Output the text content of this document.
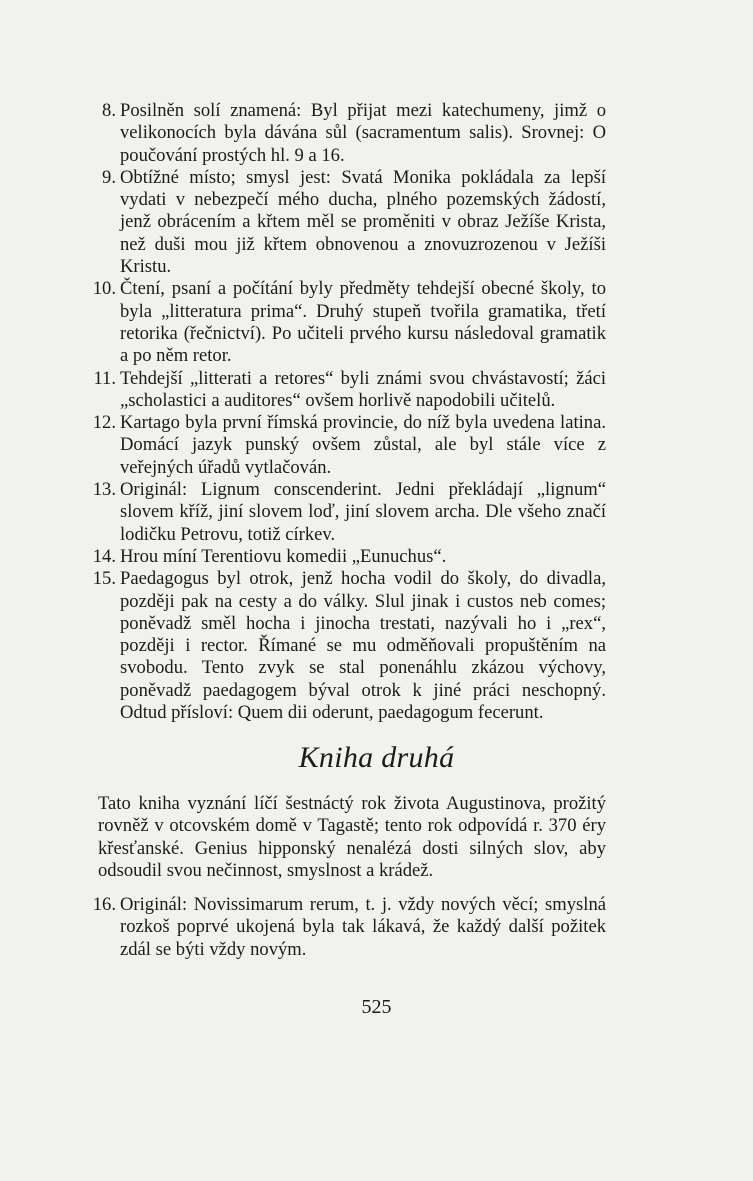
8. Posilněn solí znamená: Byl přijat mezi katechumeny, jimž o velikonocích byla dávána sůl (sacramentum salis). Srovnej: O poučování prostých hl. 9 a 16.
9. Obtížné místo; smysl jest: Svatá Monika pokládala za lepší vydati v nebezpečí mého ducha, plného pozemských žádostí, jenž obrácením a křtem měl se proměniti v obraz Ježíše Krista, než duši mou již křtem obnovenou a znovuzrozenou v Ježíši Kristu.
10. Čtení, psaní a počítání byly předměty tehdejší obecné školy, to byla „litteratura prima“. Druhý stupeň tvořila gramatika, třetí retorika (řečnictví). Po učiteli prvého kursu následoval gramatik a po něm retor.
11. Tehdejší „litterati a retores“ byli známi svou chvástavostí; žáci „scholastici a auditores“ ovšem horlivě napodobili učitelů.
12. Kartago byla první římská provincie, do níž byla uvedena latina. Domácí jazyk punský ovšem zůstal, ale byl stále více z veřejných úřadů vytlačován.
13. Originál: Lignum conscenderint. Jedni překládají „lignum“ slovem kříž, jiní slovem loď, jiní slovem archa. Dle všeho značí lodičku Petrovu, totiž církev.
14. Hrou míní Terentiovu komedii „Eunuchus“.
15. Paedagogus byl otrok, jenž hocha vodil do školy, do divadla, později pak na cesty a do války. Slul jinak i custos neb comes; poněvadž směl hocha i jinocha trestati, nazývali ho i „rex“, později i rector. Římané se mu odměňovali propuštěním na svobodu. Tento zvyk se stal ponenáhlu zkázou výchovy, poněvadž paedagogem býval otrok k jiné práci neschopný. Odtud přísloví: Quem dii oderunt, paedagogum fecerunt.
Kniha druhá
Tato kniha vyznání líčí šestnáctý rok života Augustinova, prožitý rovněž v otcovském domě v Tagastě; tento rok odpovídá r. 370 éry křesťanské. Genius hipponský nenalézá dosti silných slov, aby odsoudil svou nečinnost, smyslnost a krádež.
16. Originál: Novissimarum rerum, t. j. vždy nových věcí; smyslná rozkoš poprvé ukojená byla tak lákavá, že každý další požitek zdál se býti vždy novým.
525
